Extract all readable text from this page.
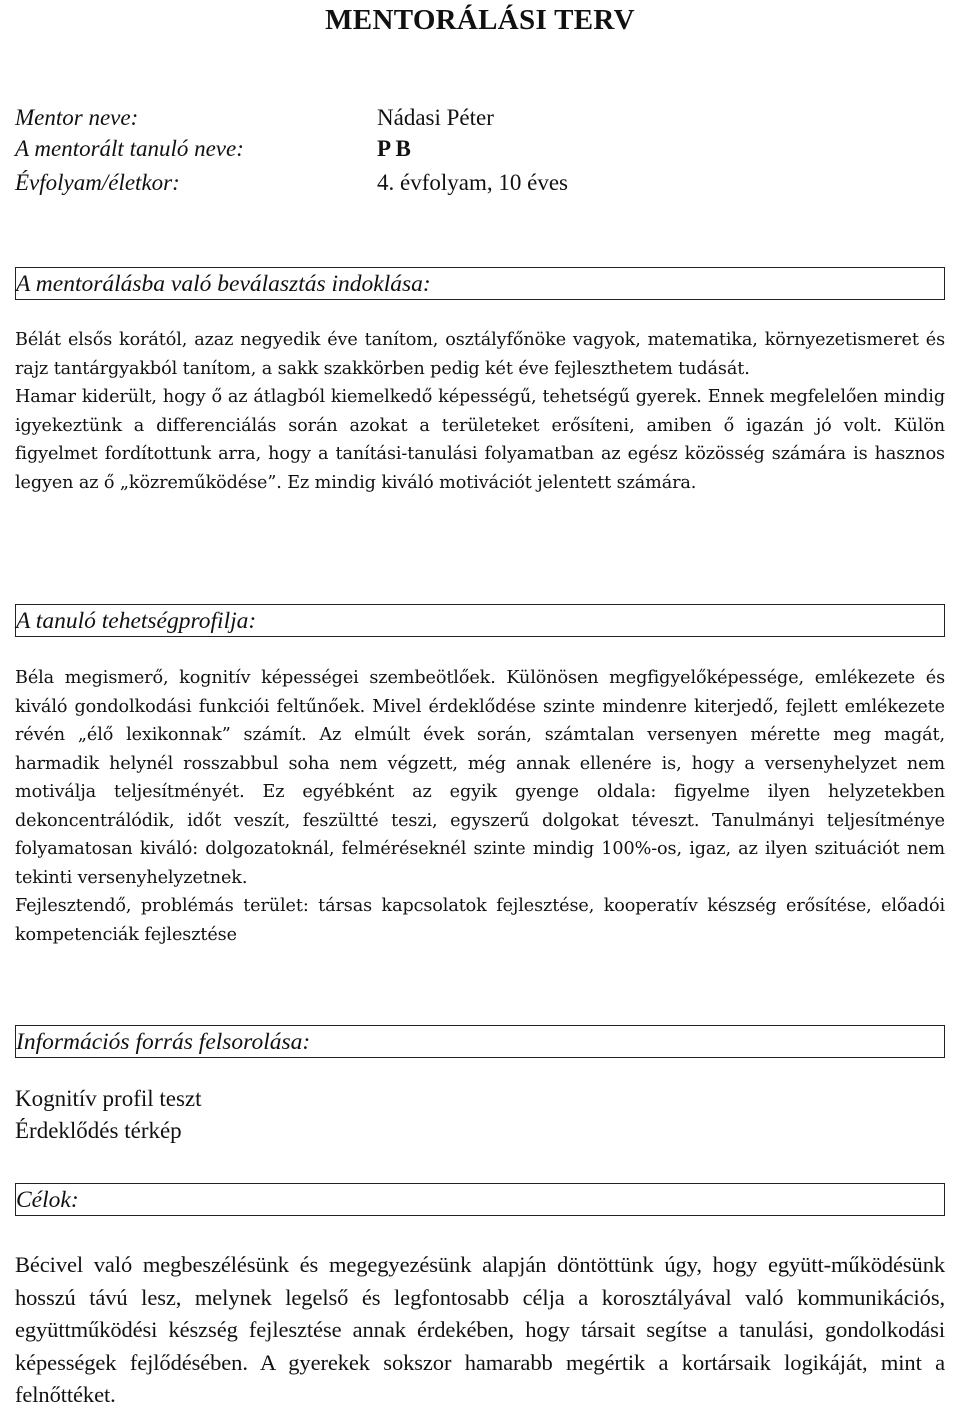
MENTORÁLÁSI TERV
Mentor neve:	Nádasi Péter
A mentorált tanuló neve:	P B
Évfolyam/életkor:	4. évfolyam, 10 éves
A mentorálásba való beválasztás indoklása:

Bélát elsős korától, azaz negyedik éve tanítom, osztályfőnöke vagyok, matematika, környezetismeret és rajz tantárgyakból tanítom, a sakk szakkörben pedig két éve fejleszthetem tudását.

Hamar kiderült, hogy ő az átlagból kiemelkedő képességű, tehetségű gyerek. Ennek megfelelően mindig igyekeztünk a differenciálás során azokat a területeket erősíteni, amiben ő igazán jó volt. Külön figyelmet fordítottunk arra, hogy a tanítási-tanulási folyamatban az egész közösség számára is hasznos legyen az ő „közreműködése”. Ez mindig kiváló motivációt jelentett számára.

A tanuló tehetségprofilja:

Béla megismerő, kognitív képességei szembeötlőek. Különösen megfigyelőképessége, emlékezete és kiváló gondolkodási funkciói feltűnőek. Mivel érdeklődése szinte mindenre kiterjedő, fejlett emlékezete révén „élő lexikonnak” számít. Az elmúlt évek során, számtalan versenyen mérette meg magát, harmadik helynél rosszabbul soha nem végzett, még annak ellenére is, hogy a versenyhelyzet nem motiválja teljesítményét. Ez egyébként az egyik gyenge oldala: figyelme ilyen helyzetekben dekoncentrálódik, időt veszít, feszültté teszi, egyszerű dolgokat téveszt. Tanulmányi teljesítménye folyamatosan kiváló: dolgozatoknál, felméréseknél szinte mindig 100%-os, igaz, az ilyen szituációt nem tekinti versenyhelyzetnek.

Fejlesztendő, problémás terület: társas kapcsolatok fejlesztése, kooperatív készség erősítése, előadói kompetenciák fejlesztése

Információs forrás felsorolása:
Kognitív profil teszt
Érdeklődés térkép
Célok:

Bécivel való megbeszélésünk és megegyezésünk alapján döntöttünk úgy, hogy együtt-működésünk hosszú távú lesz, melynek legelső és legfontosabb célja a korosztályával való kommunikációs, együttműködési készség fejlesztése annak érdekében, hogy társait segítse a tanulási, gondolkodási képességek fejlődésében. A gyerekek sokszor hamarabb megértik a kortársaik logikáját, mint a felnőttéket.
